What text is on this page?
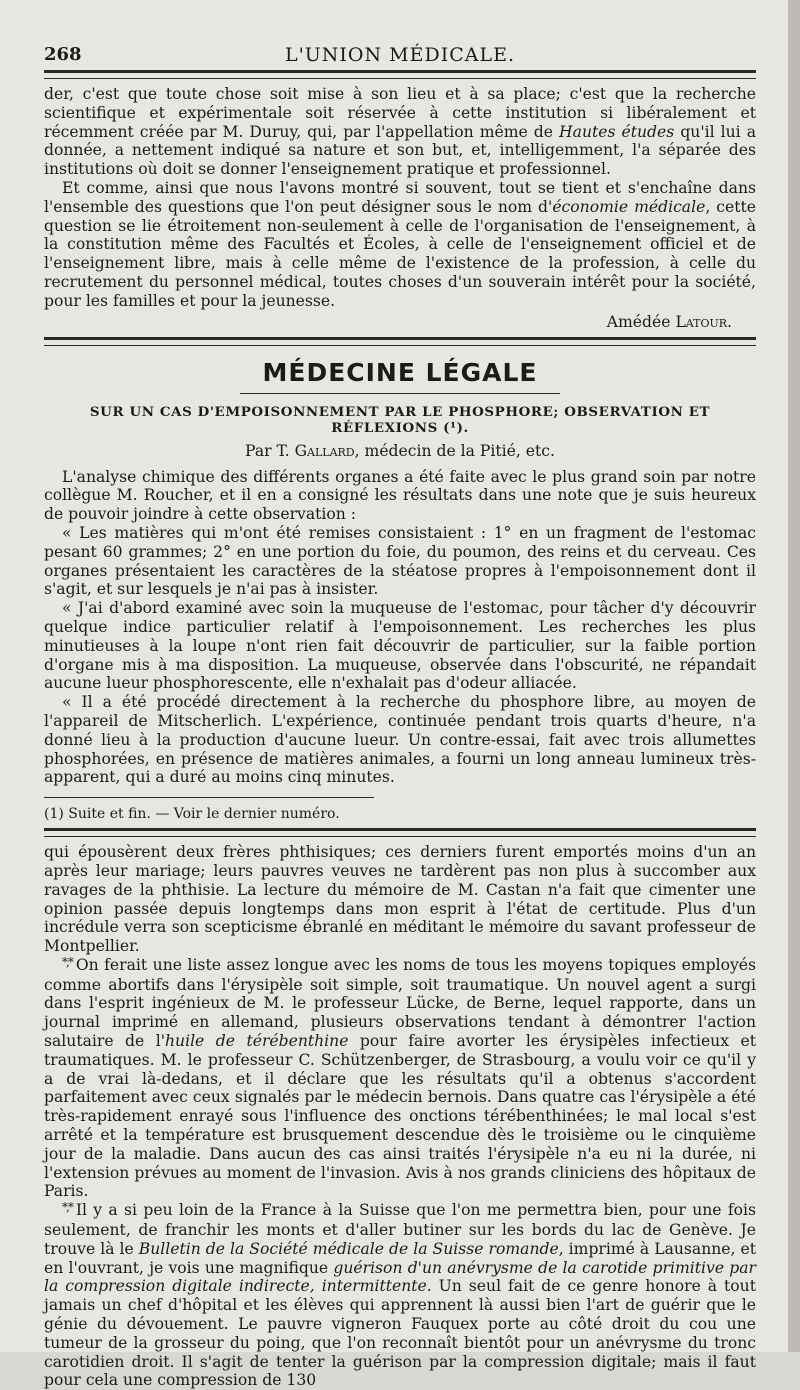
268	L'UNION MÉDICALE.

der, c'est que toute chose soit mise à son lieu et à sa place; c'est que la recherche scientifique et expérimentale soit réservée à cette institution si libéralement et récemment créée par M. Duruy, qui, par l'appellation même de Hautes études qu'il lui a donnée, a nettement indiqué sa nature et son but, et, intelligemment, l'a séparée des institutions où doit se donner l'enseignement pratique et professionnel.

Et comme, ainsi que nous l'avons montré si souvent, tout se tient et s'enchaîne dans l'ensemble des questions que l'on peut désigner sous le nom d'économie médicale, cette question se lie étroitement non-seulement à celle de l'organisation de l'enseignement, à la constitution même des Facultés et Écoles, à celle de l'enseignement officiel et de l'enseignement libre, mais à celle même de l'existence de la profession, à celle du recrutement du personnel médical, toutes choses d'un souverain intérêt pour la société, pour les familles et pour la jeunesse.

Amédée Latour.
MÉDECINE LÉGALE
SUR UN CAS D'EMPOISONNEMENT PAR LE PHOSPHORE; OBSERVATION ET RÉFLEXIONS (¹).
Par T. Gallard, médecin de la Pitié, etc.

L'analyse chimique des différents organes a été faite avec le plus grand soin par notre collègue M. Roucher, et il en a consigné les résultats dans une note que je suis heureux de pouvoir joindre à cette observation :

« Les matières qui m'ont été remises consistaient : 1° en un fragment de l'estomac pesant 60 grammes; 2° en une portion du foie, du poumon, des reins et du cerveau. Ces organes présentaient les caractères de la stéatose propres à l'empoisonnement dont il s'agit, et sur lesquels je n'ai pas à insister.

« J'ai d'abord examiné avec soin la muqueuse de l'estomac, pour tâcher d'y découvrir quelque indice particulier relatif à l'empoisonnement. Les recherches les plus minutieuses à la loupe n'ont rien fait découvrir de particulier, sur la faible portion d'organe mis à ma disposition. La muqueuse, observée dans l'obscurité, ne répandait aucune lueur phosphorescente, elle n'exhalait pas d'odeur alliacée.

« Il a été procédé directement à la recherche du phosphore libre, au moyen de l'appareil de Mitscherlich. L'expérience, continuée pendant trois quarts d'heure, n'a donné lieu à la production d'aucune lueur. Un contre-essai, fait avec trois allumettes phosphorées, en présence de matières animales, a fourni un long anneau lumineux très-apparent, qui a duré au moins cinq minutes.

(1) Suite et fin. — Voir le dernier numéro.

qui épousèrent deux frères phthisiques; ces derniers furent emportés moins d'un an après leur mariage; leurs pauvres veuves ne tardèrent pas non plus à succomber aux ravages de la phthisie. La lecture du mémoire de M. Castan n'a fait que cimenter une opinion passée depuis longtemps dans mon esprit à l'état de certitude. Plus d'un incrédule verra son scepticisme ébranlé en méditant le mémoire du savant professeur de Montpellier.

*,* On ferait une liste assez longue avec les noms de tous les moyens topiques employés comme abortifs dans l'érysipèle soit simple, soit traumatique. Un nouvel agent a surgi dans l'esprit ingénieux de M. le professeur Lücke, de Berne, lequel rapporte, dans un journal imprimé en allemand, plusieurs observations tendant à démontrer l'action salutaire de l'huile de térébenthine pour faire avorter les érysipèles infectieux et traumatiques. M. le professeur C. Schützenberger, de Strasbourg, a voulu voir ce qu'il y a de vrai là-dedans, et il déclare que les résultats qu'il a obtenus s'accordent parfaitement avec ceux signalés par le médecin bernois. Dans quatre cas l'érysipèle a été très-rapidement enrayé sous l'influence des onctions térébenthinées; le mal local s'est arrêté et la température est brusquement descendue dès le troisième ou le cinquième jour de la maladie. Dans aucun des cas ainsi traités l'érysipèle n'a eu ni la durée, ni l'extension prévues au moment de l'invasion. Avis à nos grands cliniciens des hôpitaux de Paris.

*,* Il y a si peu loin de la France à la Suisse que l'on me permettra bien, pour une fois seulement, de franchir les monts et d'aller butiner sur les bords du lac de Genève. Je trouve là le Bulletin de la Société médicale de la Suisse romande, imprimé à Lausanne, et en l'ouvrant, je vois une magnifique guérison d'un anévrysme de la carotide primitive par la compression digitale indirecte, intermittente. Un seul fait de ce genre honore à tout jamais un chef d'hôpital et les élèves qui apprennent là aussi bien l'art de guérir que le génie du dévouement. Le pauvre vigneron Fauquex porte au côté droit du cou une tumeur de la grosseur du poing, que l'on reconnaît bientôt pour un anévrysme du tronc carotidien droit. Il s'agit de tenter la guérison par la compression digitale; mais il faut pour cela une compression de 130
